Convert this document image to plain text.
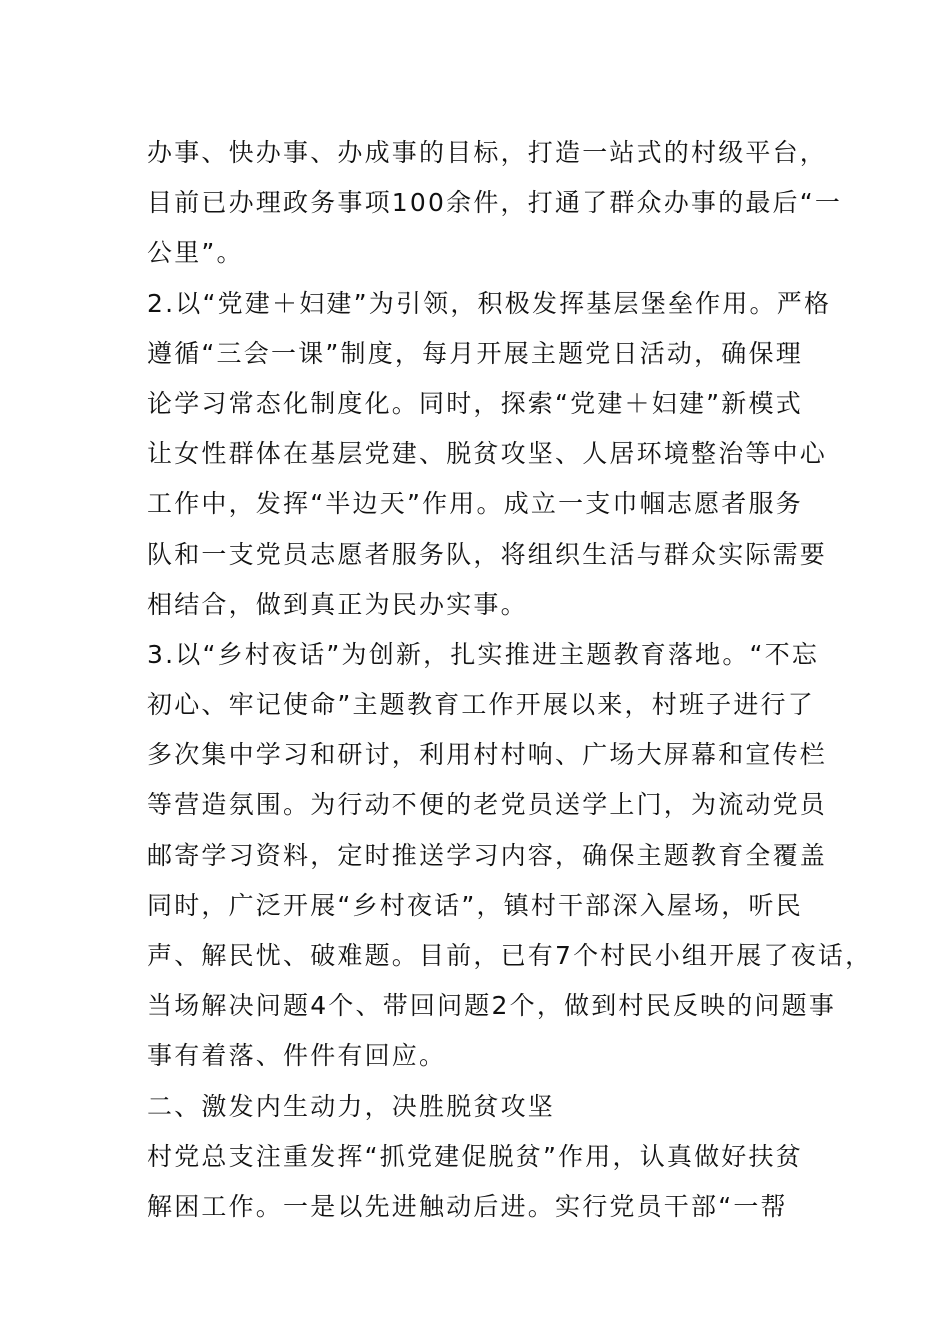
办事、快办事、办成事的目标，打造一站式的村级平台，
目前已办理政务事项100余件，打通了群众办事的最后“一
公里”。
2.以“党建＋妇建”为引领，积极发挥基层堡垒作用。严格
遵循“三会一课”制度，每月开展主题党日活动，确保理
论学习常态化制度化。同时，探索“党建＋妇建”新模式
让女性群体在基层党建、脱贫攻坚、人居环境整治等中心
工作中，发挥“半边天”作用。成立一支巾帼志愿者服务
队和一支党员志愿者服务队，将组织生活与群众实际需要
相结合，做到真正为民办实事。
3.以“乡村夜话”为创新，扎实推进主题教育落地。“不忘
初心、牢记使命”主题教育工作开展以来，村班子进行了
多次集中学习和研讨，利用村村响、广场大屏幕和宣传栏
等营造氛围。为行动不便的老党员送学上门，为流动党员
邮寄学习资料，定时推送学习内容，确保主题教育全覆盖
同时，广泛开展“乡村夜话”，镇村干部深入屋场，听民
声、解民忧、破难题。目前，已有7个村民小组开展了夜话，
当场解决问题4个、带回问题2个，做到村民反映的问题事
事有着落、件件有回应。
二、激发内生动力，决胜脱贫攻坚
村党总支注重发挥“抓党建促脱贫”作用，认真做好扶贫
解困工作。一是以先进触动后进。实行党员干部“一帮
